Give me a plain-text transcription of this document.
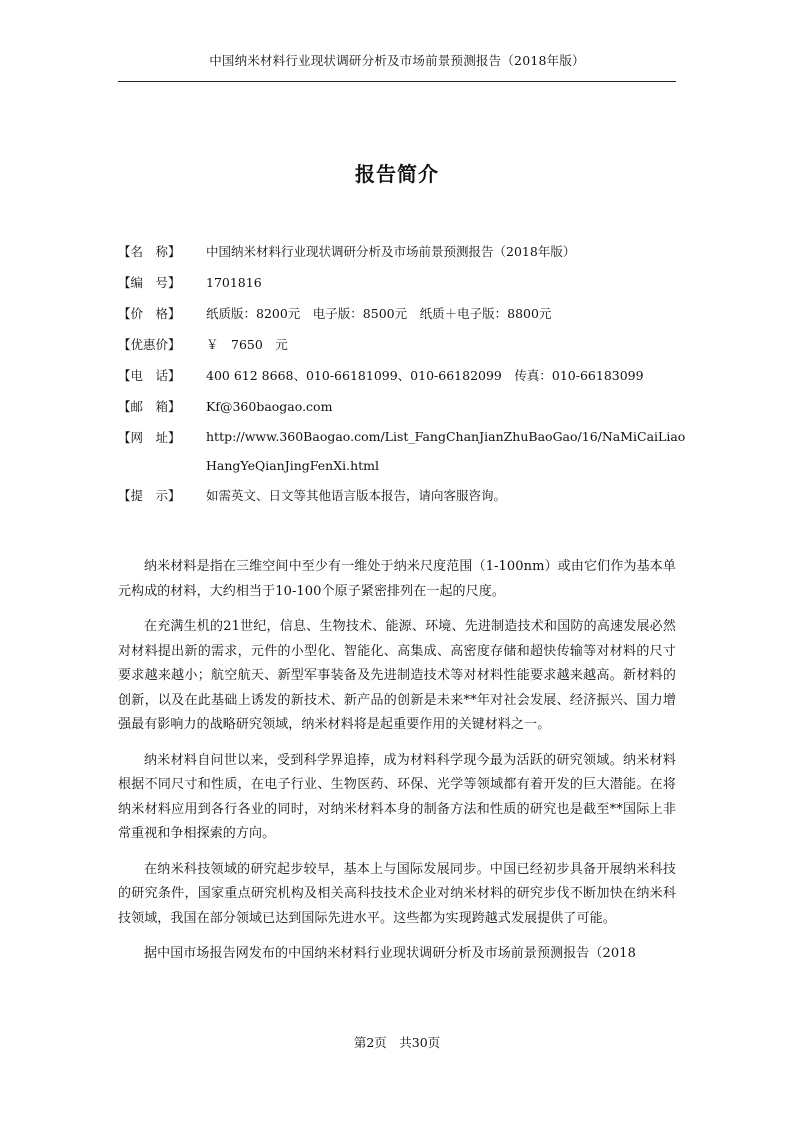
中国纳米材料行业现状调研分析及市场前景预测报告（2018年版）
报告简介
【名　称】	中国纳米材料行业现状调研分析及市场前景预测报告（2018年版）
【编　号】	1701816
【价　格】	纸质版：8200元　电子版：8500元　纸质＋电子版：8800元
【优惠价】	￥　7650　元
【电　话】	400 612 8668、010-66181099、010-66182099　传真：010-66183099
【邮　箱】	Kf@360baogao.com
【网　址】	http://www.360Baogao.com/List_FangChanJianZhuBaoGao/16/NaMiCaiLiaoHangYeQianJingFenXi.html
【提　示】	如需英文、日文等其他语言版本报告，请向客服咨询。

纳米材料是指在三维空间中至少有一维处于纳米尺度范围（1-100nm）或由它们作为基本单元构成的材料，大约相当于10-100个原子紧密排列在一起的尺度。

在充满生机的21世纪，信息、生物技术、能源、环境、先进制造技术和国防的高速发展必然对材料提出新的需求，元件的小型化、智能化、高集成、高密度存储和超快传输等对材料的尺寸要求越来越小；航空航天、新型军事装备及先进制造技术等对材料性能要求越来越高。新材料的创新，以及在此基础上诱发的新技术、新产品的创新是未来**年对社会发展、经济振兴、国力增强最有影响力的战略研究领域，纳米材料将是起重要作用的关键材料之一。

纳米材料自问世以来，受到科学界追捧，成为材料科学现今最为活跃的研究领域。纳米材料根据不同尺寸和性质，在电子行业、生物医药、环保、光学等领域都有着开发的巨大潜能。在将纳米材料应用到各行各业的同时，对纳米材料本身的制备方法和性质的研究也是截至**国际上非常重视和争相探索的方向。

在纳米科技领域的研究起步较早，基本上与国际发展同步。中国已经初步具备开展纳米科技的研究条件，国家重点研究机构及相关高科技技术企业对纳米材料的研究步伐不断加快在纳米科技领域，我国在部分领域已达到国际先进水平。这些都为实现跨越式发展提供了可能。

据中国市场报告网发布的中国纳米材料行业现状调研分析及市场前景预测报告（2018

第2页　共30页
